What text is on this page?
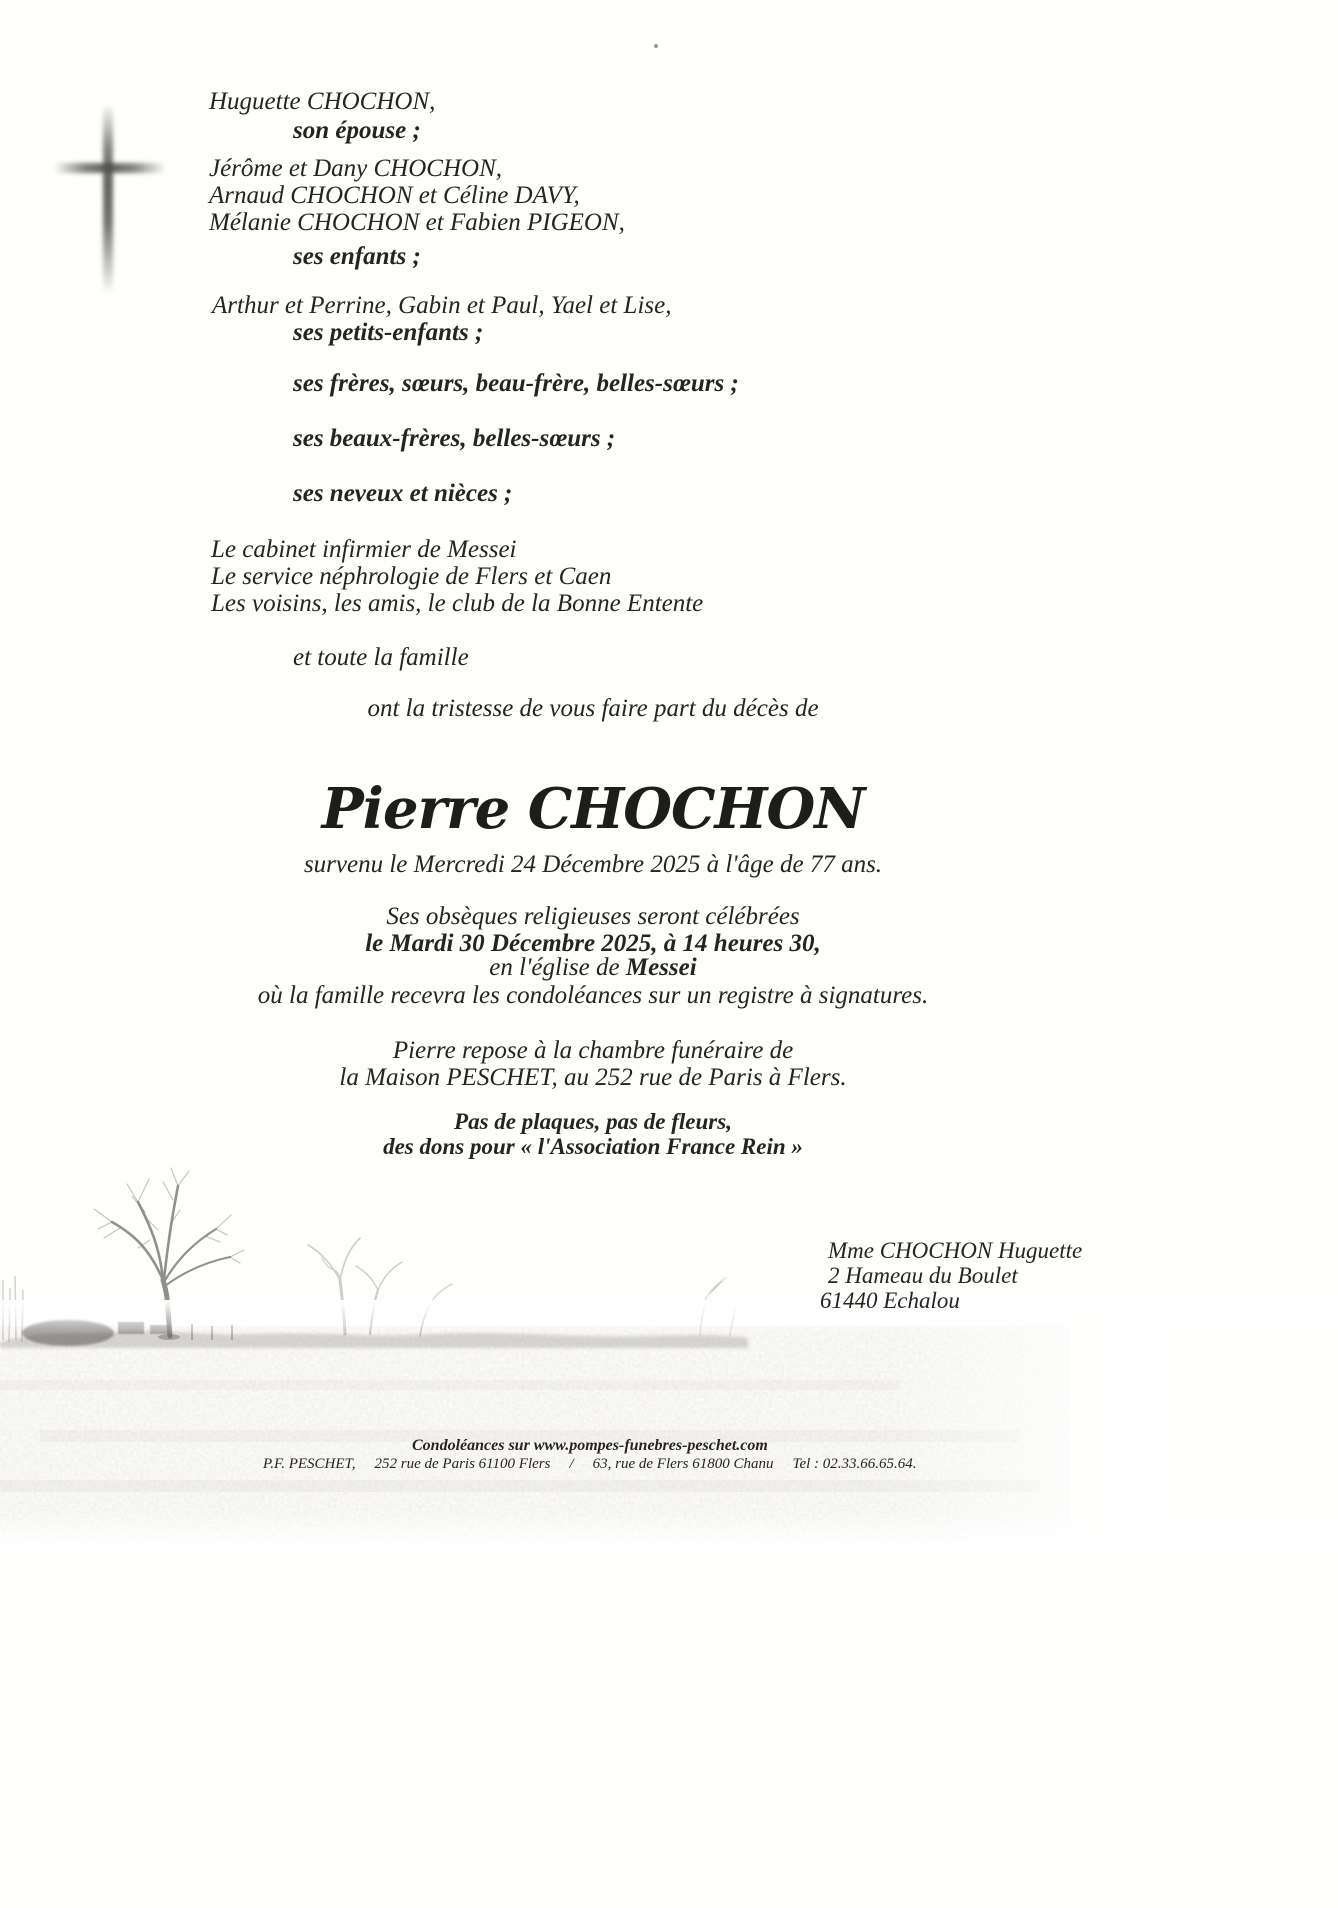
Huguette CHOCHON,
son épouse ;
Jérôme et Dany CHOCHON,
Arnaud CHOCHON et Céline DAVY,
Mélanie CHOCHON et Fabien PIGEON,
ses enfants ;
Arthur et Perrine, Gabin et Paul, Yael et Lise,
ses petits-enfants ;
ses frères, sœurs, beau-frère, belles-sœurs ;
ses beaux-frères, belles-sœurs ;
ses neveux et nièces ;
Le cabinet infirmier de Messei
Le service néphrologie de Flers et Caen
Les voisins, les amis, le club de la Bonne Entente
et toute la famille
ont la tristesse de vous faire part du décès de
Pierre CHOCHON
survenu le Mercredi 24 Décembre 2025 à l'âge de 77 ans.
Ses obsèques religieuses seront célébrées
le Mardi 30 Décembre 2025, à 14 heures 30,
en l'église de Messei
où la famille recevra les condoléances sur un registre à signatures.
Pierre repose à la chambre funéraire de
la Maison PESCHET, au 252 rue de Paris à Flers.
Pas de plaques, pas de fleurs,
des dons pour « l'Association France Rein »
Mme CHOCHON Huguette
2 Hameau du Boulet
61440 Echalou
Condoléances sur www.pompes-funebres-peschet.com
P.F. PESCHET, 252 rue de Paris 61100 Flers / 63, rue de Flers 61800 Chanu Tel : 02.33.66.65.64.
